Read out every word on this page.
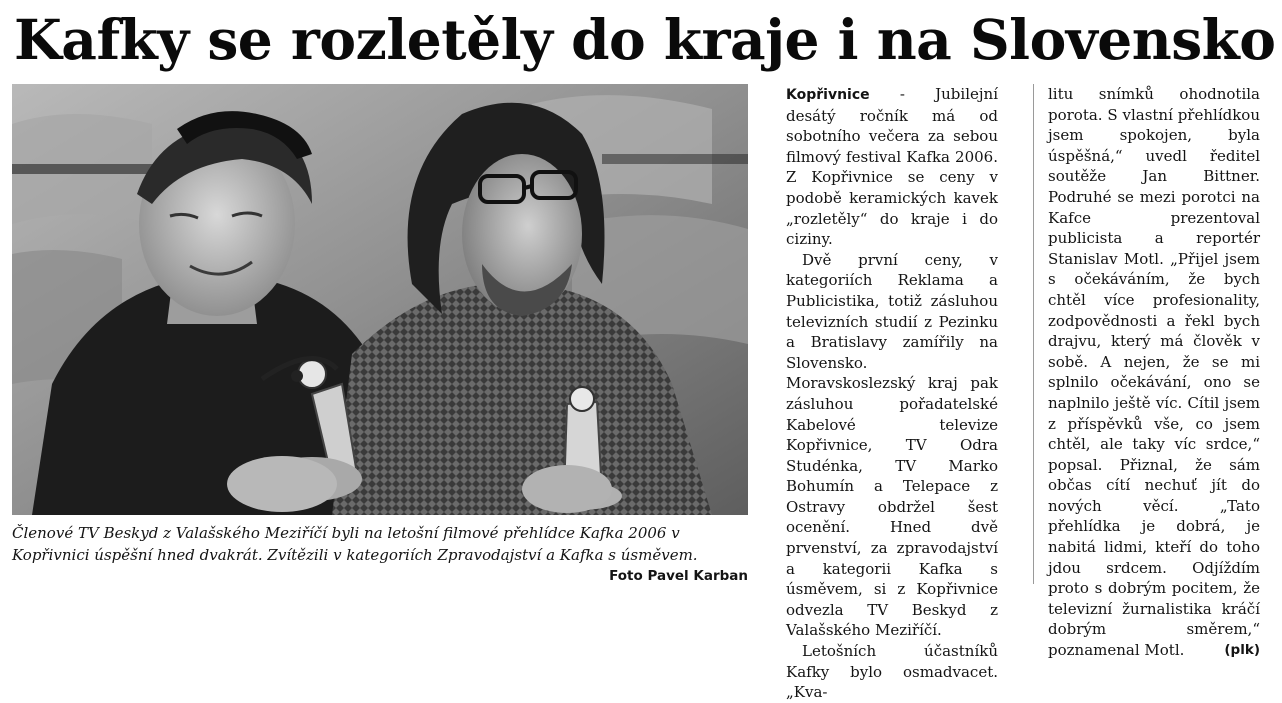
Kafky se rozletěly do kraje i na Slovensko
Členové TV Beskyd z Valašského Meziříčí byli na letošní filmové přehlídce Kafka 2006 v Kopřivnici úspěšní hned dvakrát. Zvítězili v kategoriích Zpravodajství a Kafka s úsměvem.
Foto Pavel Karban

Kopřivnice - Jubilejní desátý ročník má od sobotního večera za sebou filmový festival Kafka 2006. Z Kopřivnice se ceny v podobě keramických kavek „rozletěly“ do kraje i do ciziny.

Dvě první ceny, v kategoriích Reklama a Publicistika, totiž zásluhou televizních studií z Pezinku a Bratislavy zamířily na Slovensko. Moravskoslezský kraj pak zásluhou pořadatelské Kabelové televize Kopřivnice, TV Odra Studénka, TV Marko Bohumín a Telepace z Ostravy obdržel šest ocenění. Hned dvě prvenství, za zpravodajství a kategorii Kafka s úsměvem, si z Kopřivnice odvezla TV Beskyd z Valašského Meziříčí.

Letošních účastníků Kafky bylo osmadvacet. „Kva-

litu snímků ohodnotila porota. S vlastní přehlídkou jsem spokojen, byla úspěšná,“ uvedl ředitel soutěže Jan Bittner. Podruhé se mezi porotci na Kafce prezentoval publicista a reportér Stanislav Motl. „Přijel jsem s očekáváním, že bych chtěl více profesionality, zodpovědnosti a řekl bych drajvu, který má člověk v sobě. A nejen, že se mi splnilo očekávání, ono se naplnilo ještě víc. Cítil jsem z příspěvků vše, co jsem chtěl, ale taky víc srdce,“ popsal. Přiznal, že sám občas cítí nechuť jít do nových věcí. „Tato přehlídka je dobrá, je nabitá lidmi, kteří do toho jdou srdcem. Odjíždím proto s dobrým pocitem, že televizní žurnalistika kráčí dobrým směrem,“ poznamenal Motl.	(plk)
